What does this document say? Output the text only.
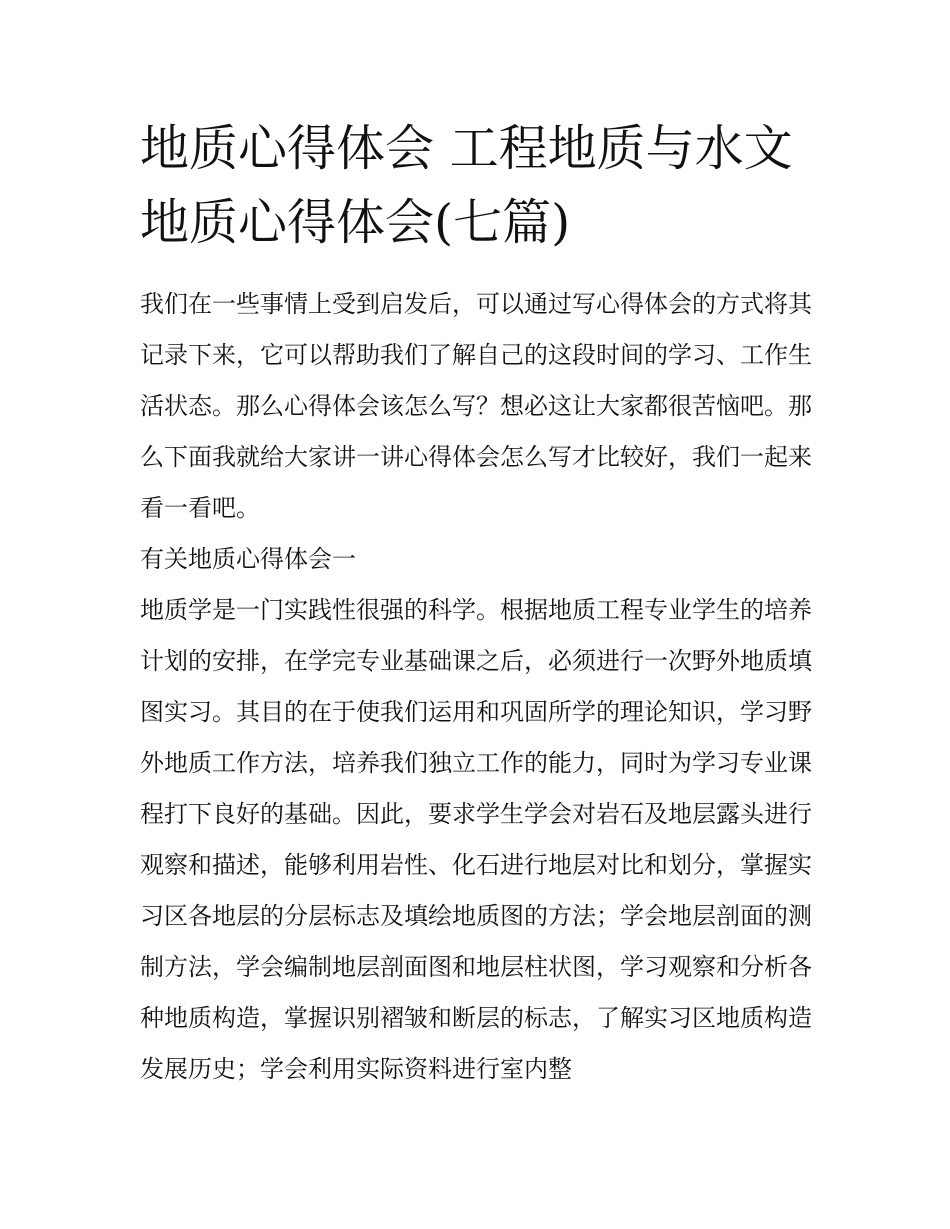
地质心得体会 工程地质与水文地质心得体会(七篇)

我们在一些事情上受到启发后，可以通过写心得体会的方式将其记录下来，它可以帮助我们了解自己的这段时间的学习、工作生活状态。那么心得体会该怎么写？想必这让大家都很苦恼吧。那么下面我就给大家讲一讲心得体会怎么写才比较好，我们一起来看一看吧。

有关地质心得体会一

地质学是一门实践性很强的科学。根据地质工程专业学生的培养计划的安排，在学完专业基础课之后，必须进行一次野外地质填图实习。其目的在于使我们运用和巩固所学的理论知识，学习野外地质工作方法，培养我们独立工作的能力，同时为学习专业课程打下良好的基础。因此，要求学生学会对岩石及地层露头进行观察和描述，能够利用岩性、化石进行地层对比和划分，掌握实习区各地层的分层标志及填绘地质图的方法；学会地层剖面的测制方法，学会编制地层剖面图和地层柱状图，学习观察和分析各种地质构造，掌握识别褶皱和断层的标志，了解实习区地质构造发展历史；学会利用实际资料进行室内整
